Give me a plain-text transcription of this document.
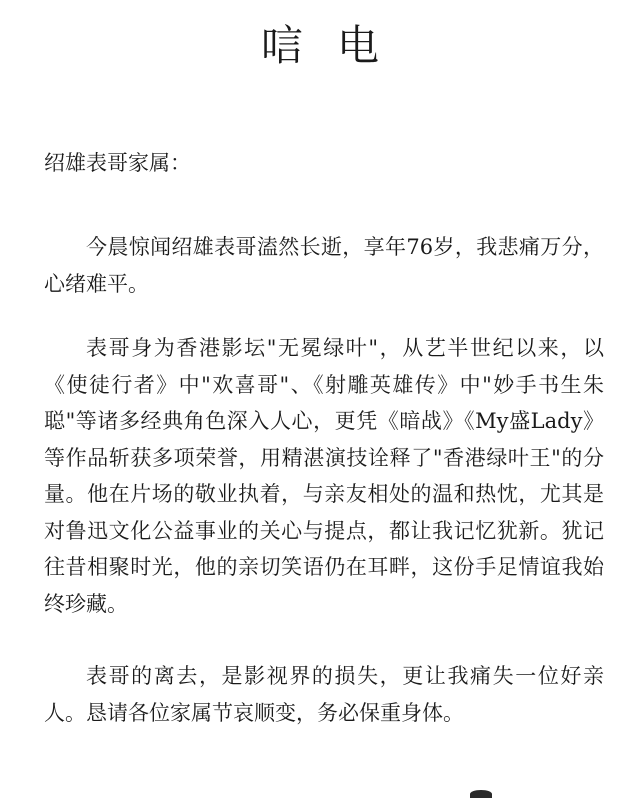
唁电
绍雄表哥家属：
今晨惊闻绍雄表哥溘然长逝，享年76岁，我悲痛万分，心绪难平。
表哥身为香港影坛"无冕绿叶"，从艺半世纪以来，以《使徒行者》中"欢喜哥"、《射雕英雄传》中"妙手书生朱聪"等诸多经典角色深入人心，更凭《暗战》《My盛Lady》等作品斩获多项荣誉，用精湛演技诠释了"香港绿叶王"的分量。他在片场的敬业执着，与亲友相处的温和热忱，尤其是对鲁迅文化公益事业的关心与提点，都让我记忆犹新。犹记往昔相聚时光，他的亲切笑语仍在耳畔，这份手足情谊我始终珍藏。
表哥的离去，是影视界的损失，更让我痛失一位好亲人。恳请各位家属节哀顺变，务必保重身体。
